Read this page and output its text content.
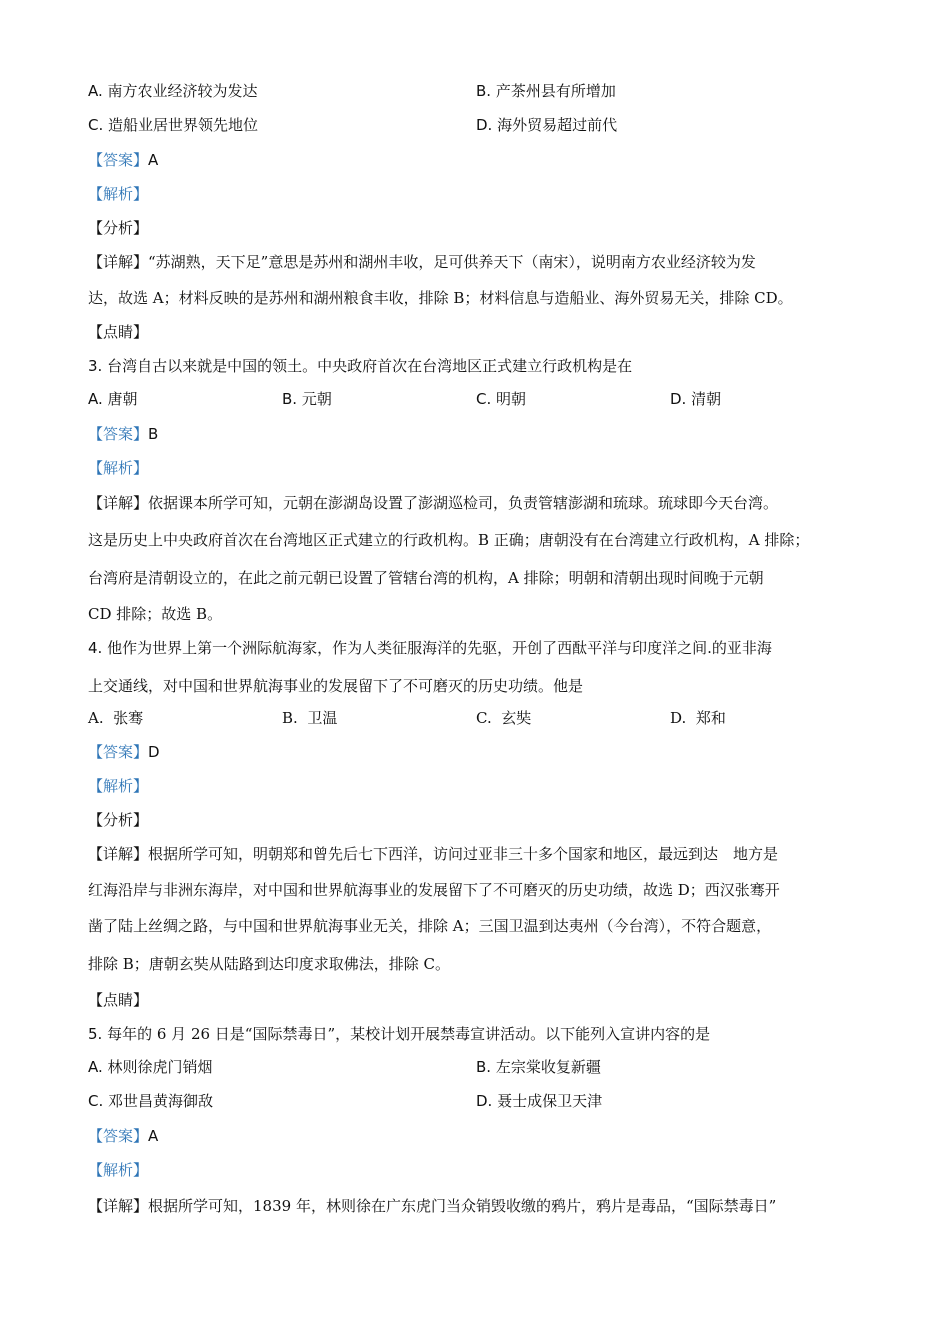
A. 南方农业经济较为发达	B. 产茶州县有所增加
C. 造船业居世界领先地位	D. 海外贸易超过前代
【答案】A
【解析】
【分析】
【详解】“苏湖熟，天下足”意思是苏州和湖州丰收，足可供养天下（南宋），说明南方农业经济较为发
达，故选 A；材料反映的是苏州和湖州粮食丰收，排除 B；材料信息与造船业、海外贸易无关，排除 CD。
【点睛】
3. 台湾自古以来就是中国的领土。中央政府首次在台湾地区正式建立行政机构是在
A. 唐朝	B. 元朝	C. 明朝	D. 清朝
【答案】B
【解析】
【详解】依据课本所学可知，元朝在澎湖岛设置了澎湖巡检司，负责管辖澎湖和琉球。琉球即今天台湾。
这是历史上中央政府首次在台湾地区正式建立的行政机构。B 正确；唐朝没有在台湾建立行政机构，A 排除；
台湾府是清朝设立的，在此之前元朝已设置了管辖台湾的机构，A 排除；明朝和清朝出现时间晚于元朝
CD 排除；故选 B。
4. 他作为世界上第一个洲际航海家，作为人类征服海洋的先驱，开创了西酞平洋与印度洋之间.的亚非海
上交通线，对中国和世界航海事业的发展留下了不可磨灭的历史功绩。他是
A. 张骞	B. 卫温	C. 玄奘	D. 郑和
【答案】D
【解析】
【分析】
【详解】根据所学可知，明朝郑和曾先后七下西洋，访问过亚非三十多个国家和地区，最远到达　地方是
红海沿岸与非洲东海岸，对中国和世界航海事业的发展留下了不可磨灭的历史功绩，故选 D；西汉张骞开
凿了陆上丝绸之路，与中国和世界航海事业无关，排除 A；三国卫温到达夷州（今台湾），不符合题意，
排除 B；唐朝玄奘从陆路到达印度求取佛法，排除 C。
【点睛】
5. 每年的 6 月 26 日是“国际禁毒日”，某校计划开展禁毒宣讲活动。以下能列入宣讲内容的是
A. 林则徐虎门销烟	B. 左宗棠收复新疆
C. 邓世昌黄海御敌	D. 聂士成保卫天津
【答案】A
【解析】
【详解】根据所学可知，1839 年，林则徐在广东虎门当众销毁收缴的鸦片，鸦片是毒品，“国际禁毒日”
